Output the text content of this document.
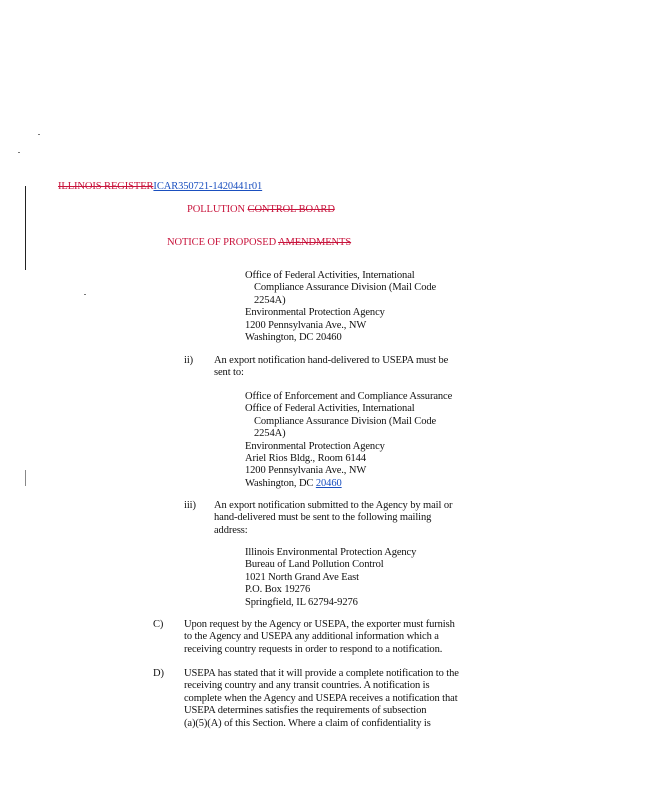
ILLINOIS REGISTERICAR350721-1420441r01
POLLUTION CONTROL BOARD
NOTICE OF PROPOSED AMENDMENTS
Office of Federal Activities, International
Compliance Assurance Division (Mail Code
2254A)
Environmental Protection Agency
1200 Pennsylvania Ave., NW
Washington, DC 20460
ii) An export notification hand-delivered to USEPA must be
sent to:
Office of Enforcement and Compliance Assurance
Office of Federal Activities, International
Compliance Assurance Division (Mail Code
2254A)
Environmental Protection Agency
Ariel Rios Bldg., Room 6144
1200 Pennsylvania Ave., NW
Washington, DC 20460
iii) An export notification submitted to the Agency by mail or
hand-delivered must be sent to the following mailing
address:
Illinois Environmental Protection Agency
Bureau of Land Pollution Control
1021 North Grand Ave East
P.O. Box 19276
Springfield, IL 62794-9276
C) Upon request by the Agency or USEPA, the exporter must furnish
to the Agency and USEPA any additional information which a
receiving country requests in order to respond to a notification.
D) USEPA has stated that it will provide a complete notification to the
receiving country and any transit countries. A notification is
complete when the Agency and USEPA receives a notification that
USEPA determines satisfies the requirements of subsection
(a)(5)(A) of this Section. Where a claim of confidentiality is
